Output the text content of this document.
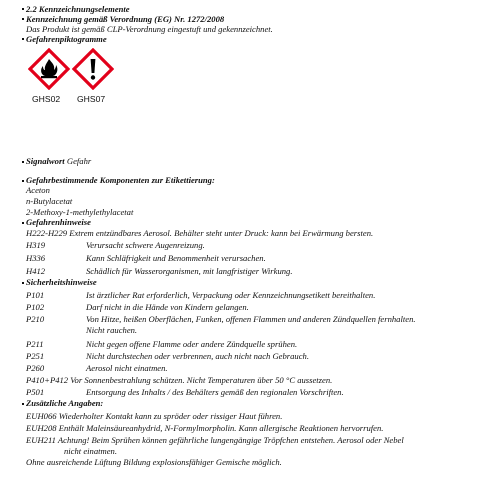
2.2 Kennzeichnungselemente
Kennzeichnung gemäß Verordnung (EG) Nr. 1272/2008
Das Produkt ist gemäß CLP-Verordnung eingestuft und gekennzeichnet.
Gefahrenpiktogramme
GHS02 GHS07
Signalwort Gefahr
Gefahrbestimmende Komponenten zur Etikettierung:
Aceton
n-Butylacetat
2-Methoxy-1-methylethylacetat
Gefahrenhinweise
H222-H229 Extrem entzündbares Aerosol. Behälter steht unter Druck: kann bei Erwärmung bersten.
H319	Verursacht schwere Augenreizung.
H336	Kann Schläfrigkeit und Benommenheit verursachen.
H412	Schädlich für Wasserorganismen, mit langfristiger Wirkung.
Sicherheitshinweise
P101	Ist ärztlicher Rat erforderlich, Verpackung oder Kennzeichnungsetikett bereithalten.
P102	Darf nicht in die Hände von Kindern gelangen.
P210	Von Hitze, heißen Oberflächen, Funken, offenen Flammen und anderen Zündquellen fernhalten.
Nicht rauchen.
P211	Nicht gegen offene Flamme oder andere Zündquelle sprühen.
P251	Nicht durchstechen oder verbrennen, auch nicht nach Gebrauch.
P260	Aerosol nicht einatmen.
P410+P412 Vor Sonnenbestrahlung schützen. Nicht Temperaturen über 50 °C aussetzen.
P501	Entsorgung des Inhalts / des Behälters gemäß den regionalen Vorschriften.
Zusätzliche Angaben:
EUH066 Wiederholter Kontakt kann zu spröder oder rissiger Haut führen.
EUH208 Enthält Maleinsäureanhydrid, N-Formylmorpholin. Kann allergische Reaktionen hervorrufen.
EUH211 Achtung! Beim Sprühen können gefährliche lungengängige Tröpfchen entstehen. Aerosol oder Nebel
nicht einatmen.
Ohne ausreichende Lüftung Bildung explosionsfähiger Gemische möglich.
